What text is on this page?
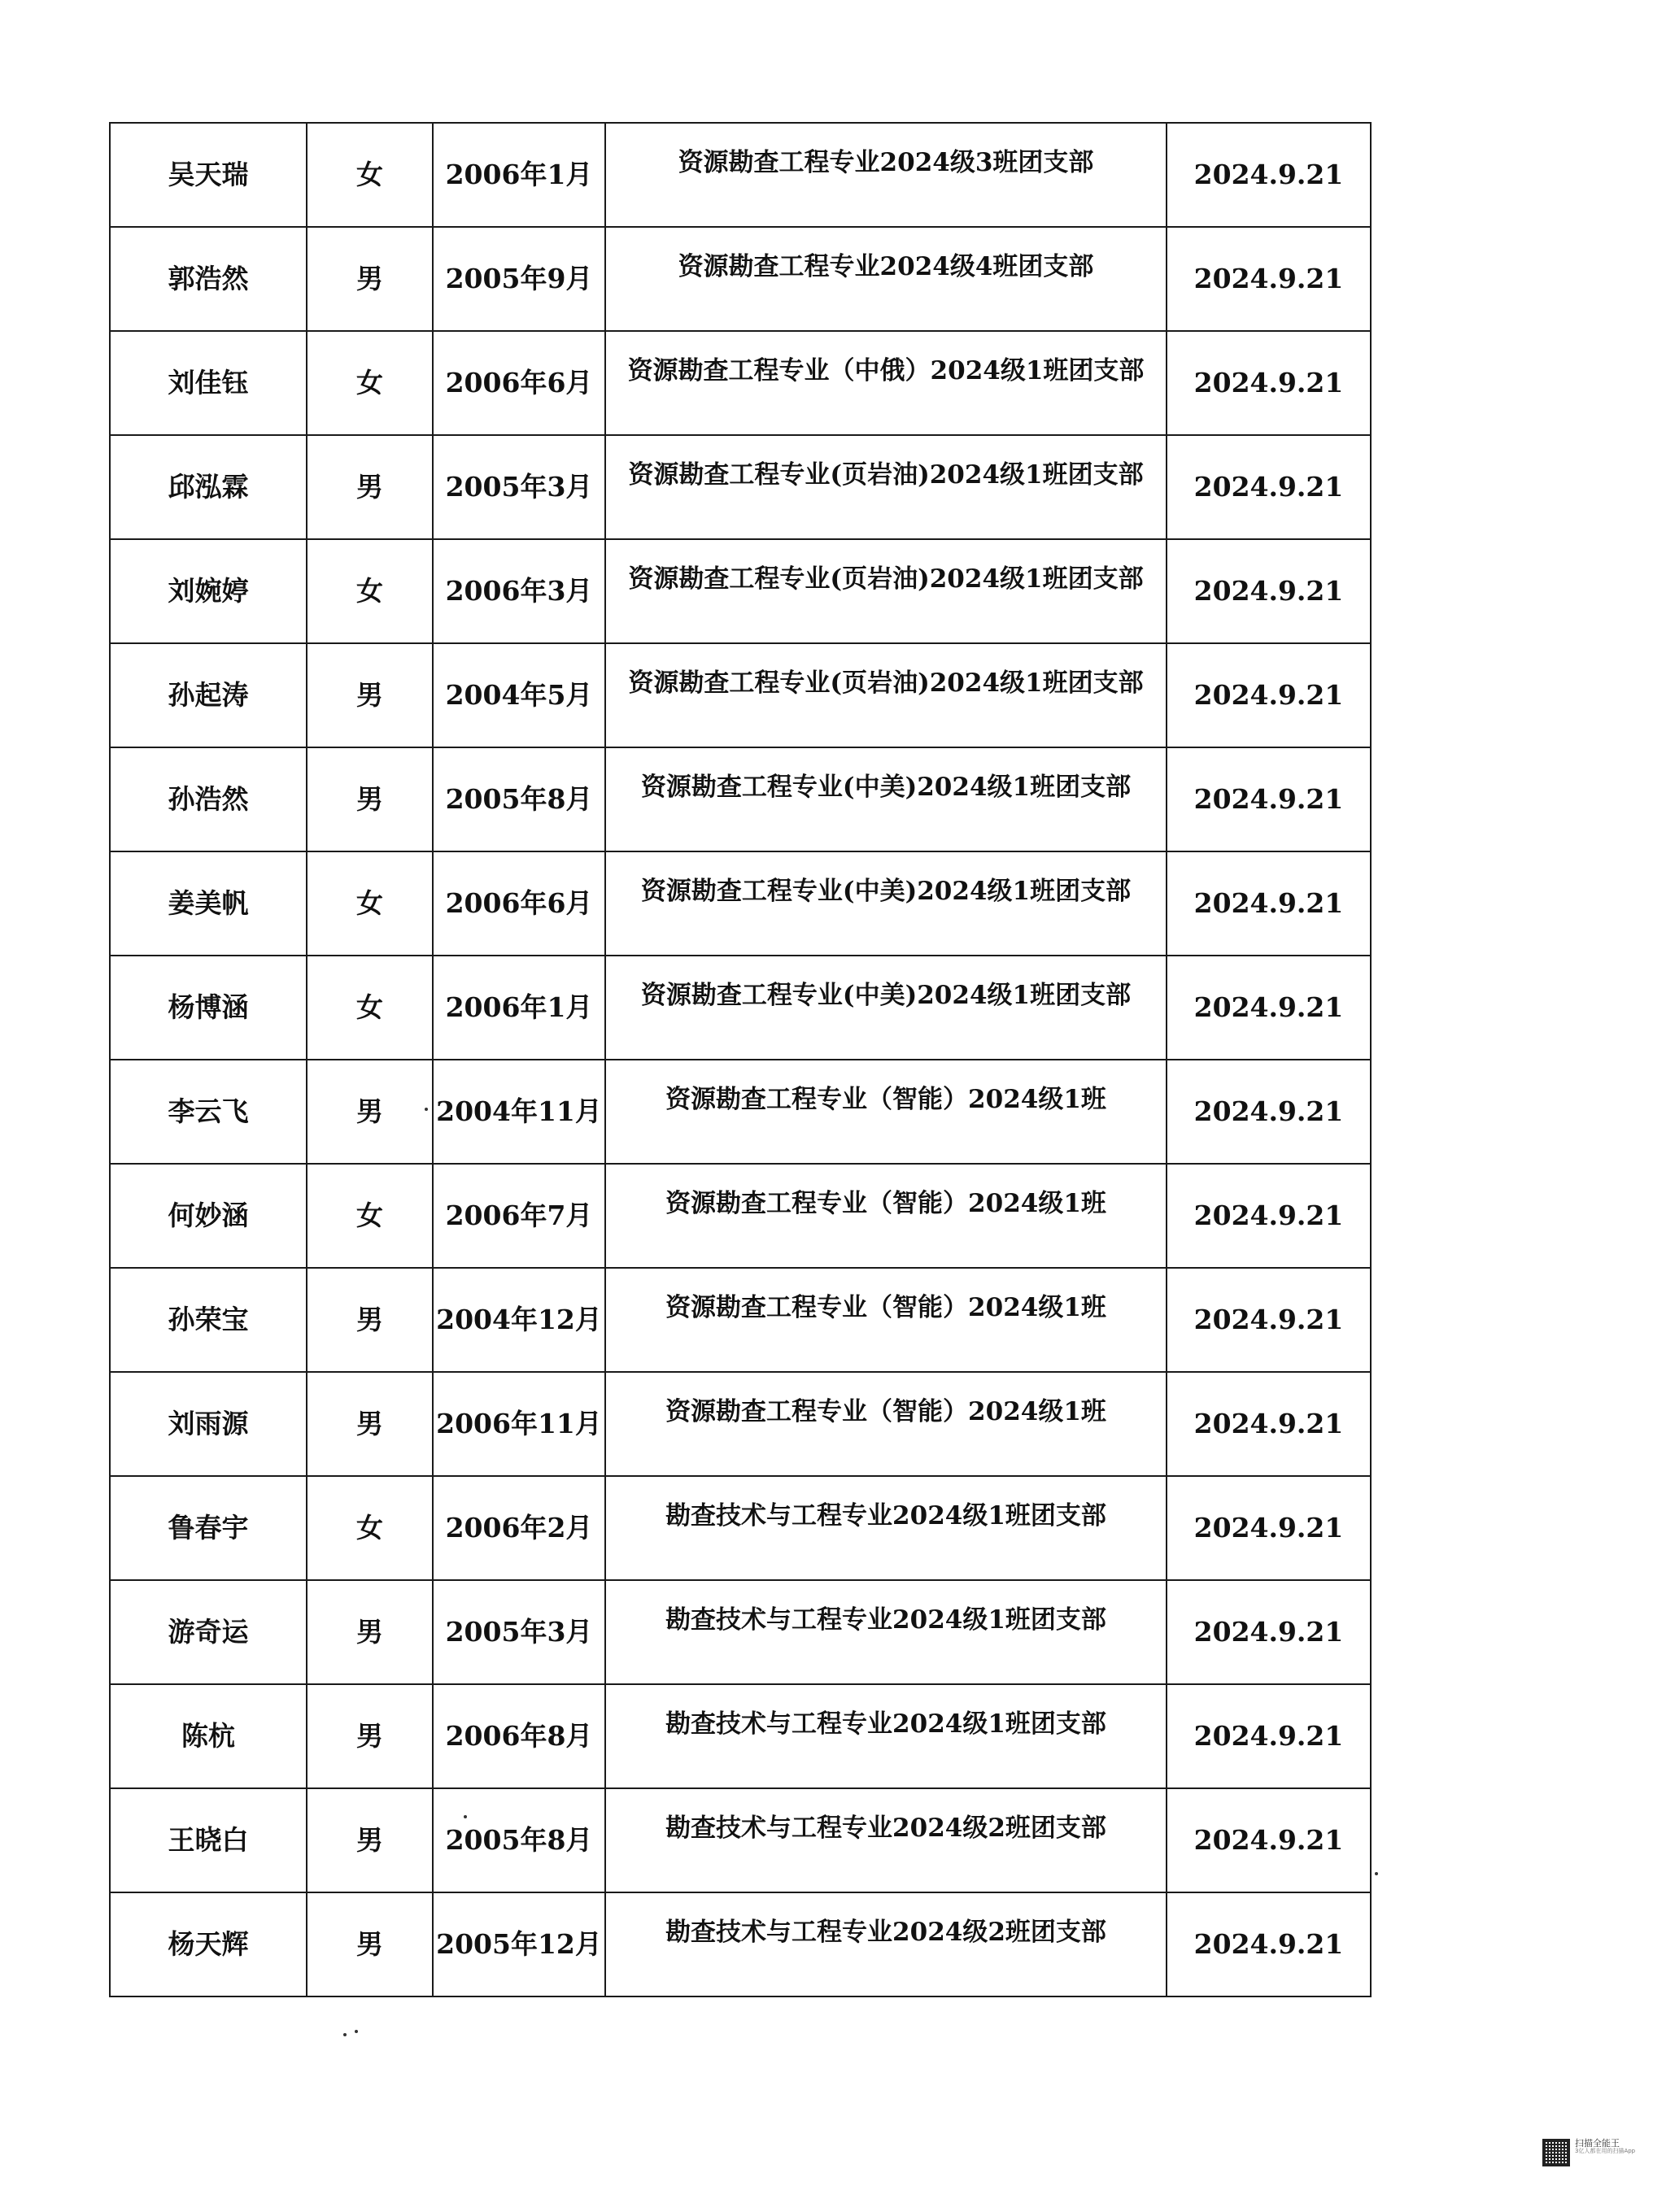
吴天瑞	女	2006年1月	资源勘查工程专业2024级3班团支部	2024.9.21
郭浩然	男	2005年9月	资源勘查工程专业2024级4班团支部	2024.9.21
刘佳钰	女	2006年6月	资源勘查工程专业（中俄）2024级1班团支部	2024.9.21
邱泓霖	男	2005年3月	资源勘查工程专业(页岩油)2024级1班团支部	2024.9.21
刘婉婷	女	2006年3月	资源勘查工程专业(页岩油)2024级1班团支部	2024.9.21
孙起涛	男	2004年5月	资源勘查工程专业(页岩油)2024级1班团支部	2024.9.21
孙浩然	男	2005年8月	资源勘查工程专业(中美)2024级1班团支部	2024.9.21
姜美帆	女	2006年6月	资源勘查工程专业(中美)2024级1班团支部	2024.9.21
杨博涵	女	2006年1月	资源勘查工程专业(中美)2024级1班团支部	2024.9.21
李云飞	男	2004年11月	资源勘查工程专业（智能）2024级1班	2024.9.21
何妙涵	女	2006年7月	资源勘查工程专业（智能）2024级1班	2024.9.21
孙荣宝	男	2004年12月	资源勘查工程专业（智能）2024级1班	2024.9.21
刘雨源	男	2006年11月	资源勘查工程专业（智能）2024级1班	2024.9.21
鲁春宇	女	2006年2月	勘查技术与工程专业2024级1班团支部	2024.9.21
游奇运	男	2005年3月	勘查技术与工程专业2024级1班团支部	2024.9.21
陈杭	男	2006年8月	勘查技术与工程专业2024级1班团支部	2024.9.21
王晓白	男	2005年8月	勘查技术与工程专业2024级2班团支部	2024.9.21
杨天辉	男	2005年12月	勘查技术与工程专业2024级2班团支部	2024.9.21
扫描全能王
3亿人都在用的扫描App
